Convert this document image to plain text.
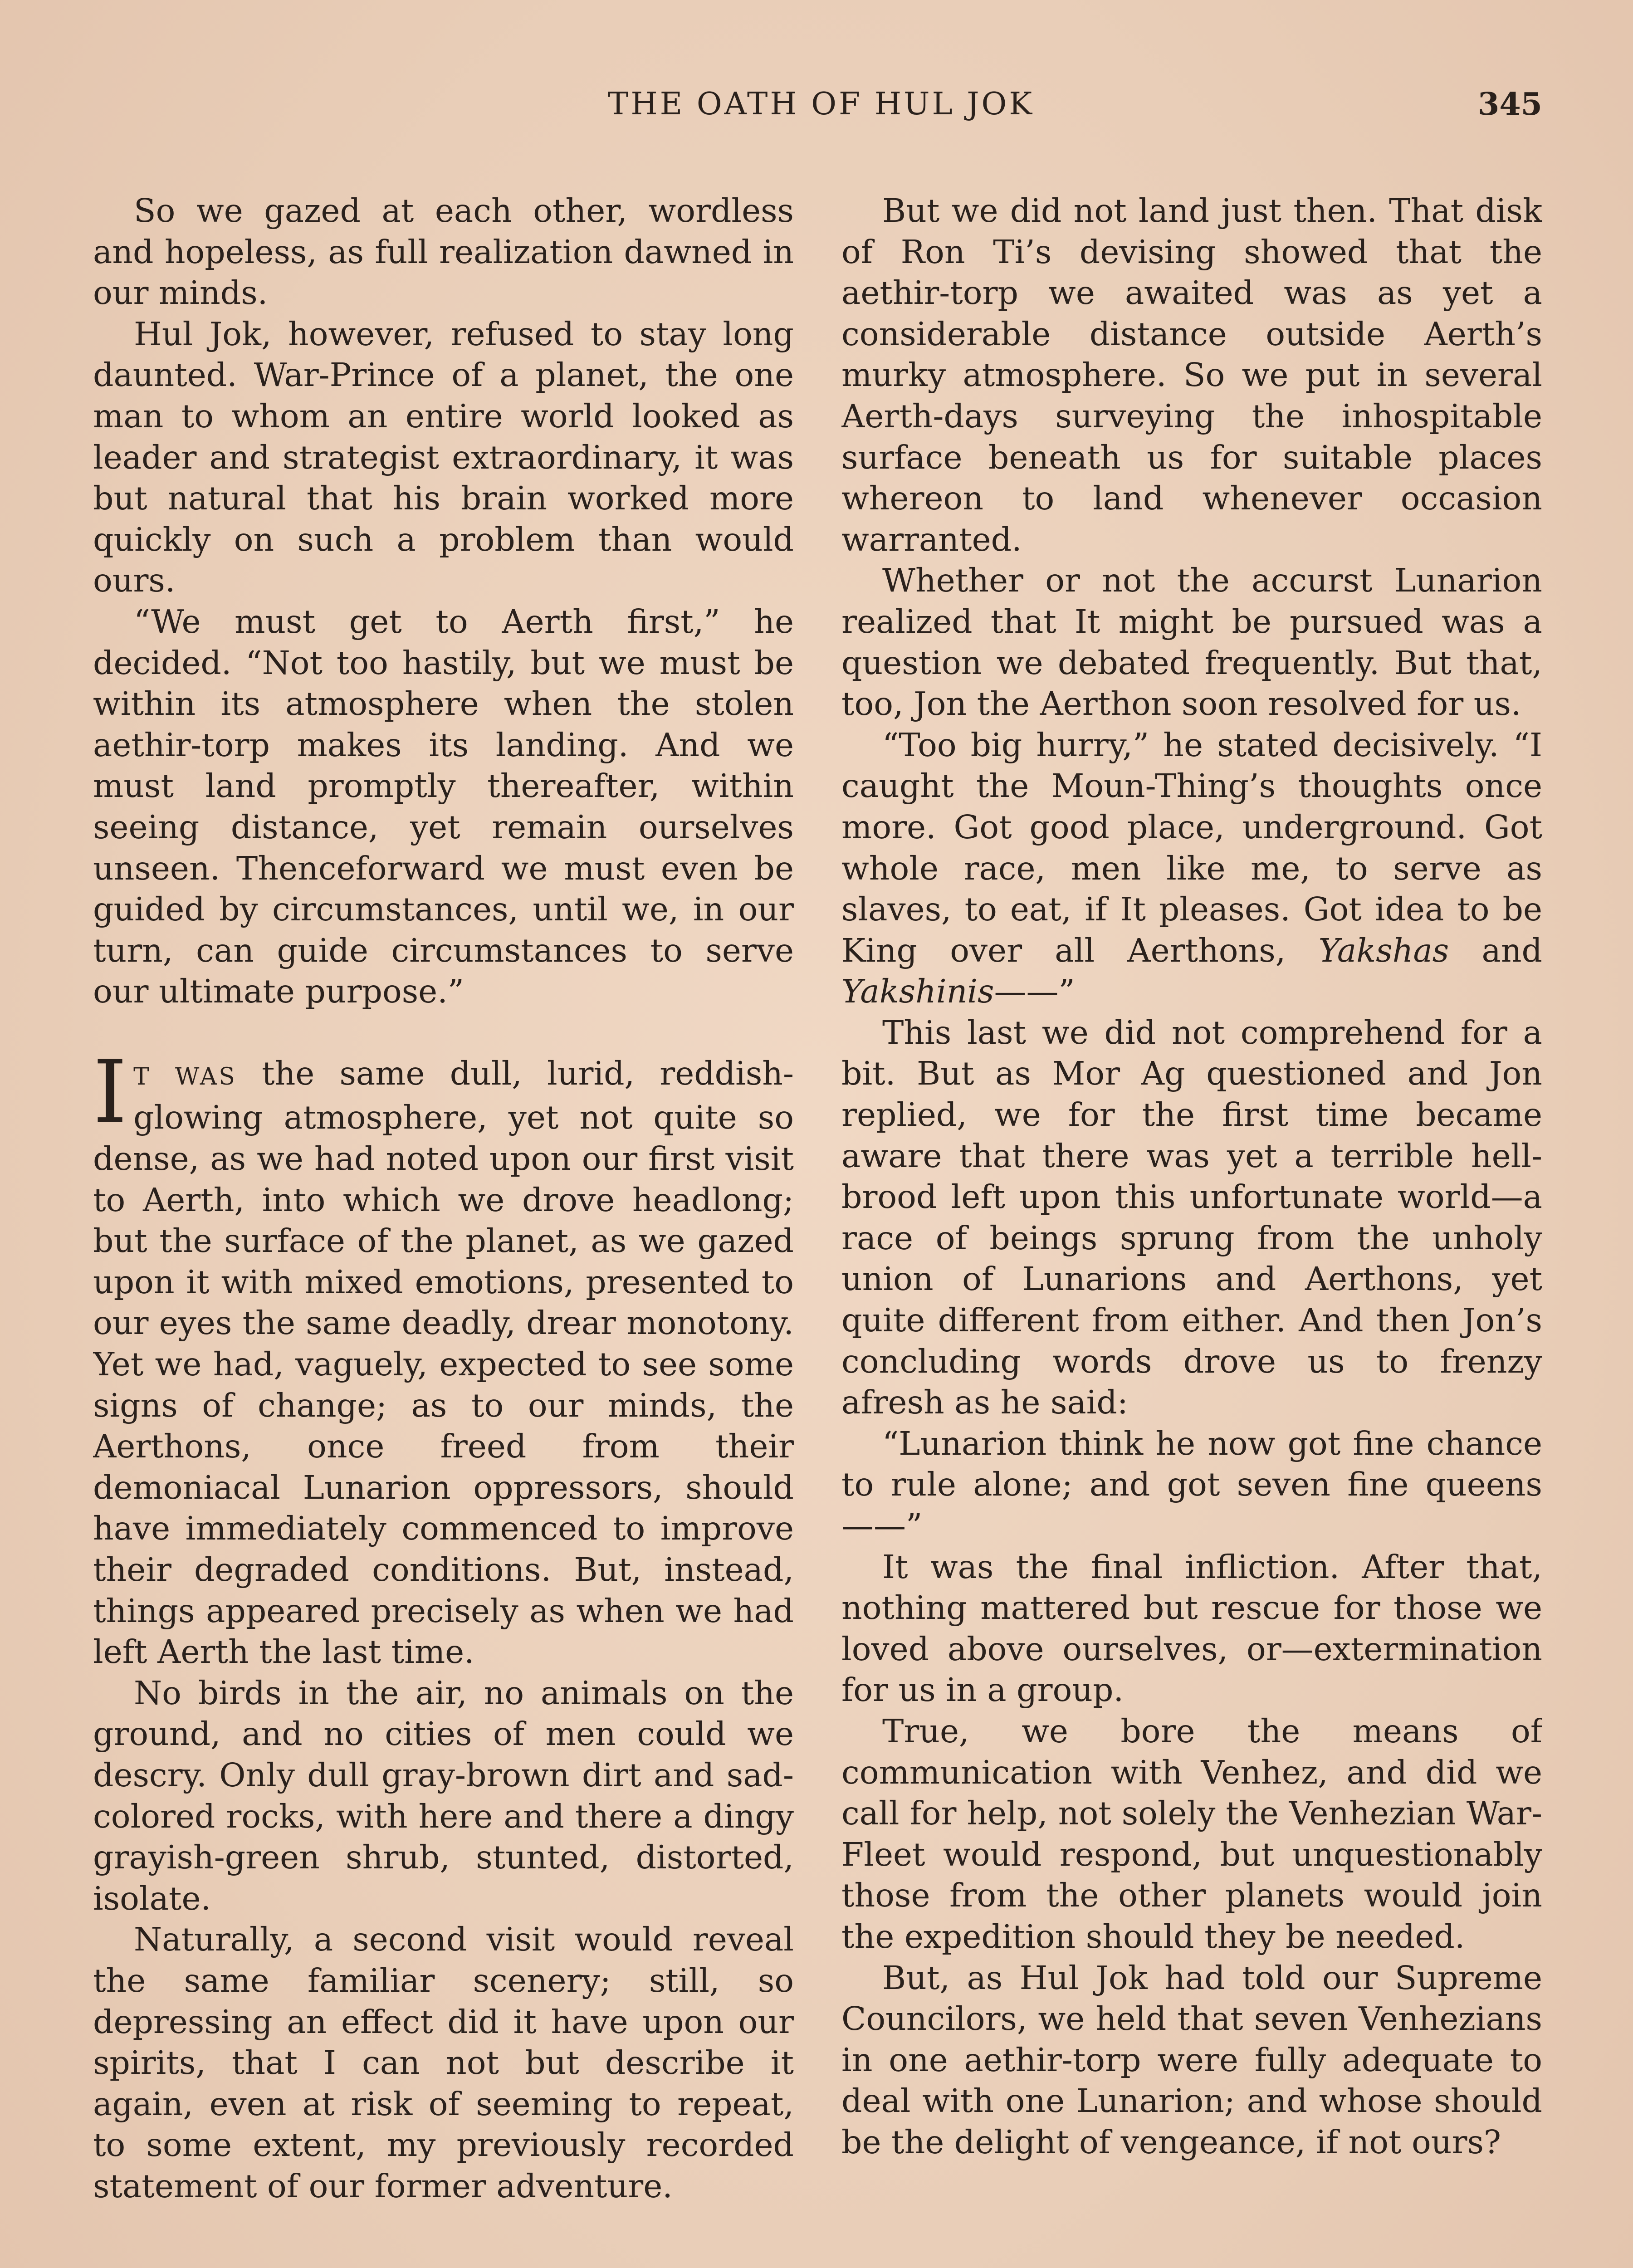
THE OATH OF HUL JOK	345

So we gazed at each other, wordless and hopeless, as full realization dawned in our minds.

Hul Jok, however, refused to stay long daunted. War-Prince of a planet, the one man to whom an entire world looked as leader and strategist extraordinary, it was but natural that his brain worked more quickly on such a problem than would ours.

“We must get to Aerth first,” he decided. “Not too hastily, but we must be within its atmosphere when the stolen aethir-torp makes its landing. And we must land promptly thereafter, within seeing distance, yet remain ourselves unseen. Thenceforward we must even be guided by circumstances, until we, in our turn, can guide circumstances to serve our ultimate purpose.”

I T WAS the same dull, lurid, reddish-glowing atmosphere, yet not quite so dense, as we had noted upon our first visit to Aerth, into which we drove headlong; but the surface of the planet, as we gazed upon it with mixed emotions, presented to our eyes the same deadly, drear monotony. Yet we had, vaguely, expected to see some signs of change; as to our minds, the Aerthons, once freed from their demoniacal Lunarion oppressors, should have immediately commenced to improve their degraded conditions. But, instead, things appeared precisely as when we had left Aerth the last time.

No birds in the air, no animals on the ground, and no cities of men could we descry. Only dull gray-brown dirt and sad-colored rocks, with here and there a dingy grayish-green shrub, stunted, distorted, isolate.

Naturally, a second visit would reveal the same familiar scenery; still, so depressing an effect did it have upon our spirits, that I can not but describe it again, even at risk of seeming to repeat, to some extent, my previously recorded statement of our former adventure.

But we did not land just then. That disk of Ron Ti’s devising showed that the aethir-torp we awaited was as yet a considerable distance outside Aerth’s murky atmosphere. So we put in several Aerth-days surveying the inhospitable surface beneath us for suitable places whereon to land whenever occasion warranted.

Whether or not the accurst Lunarion realized that It might be pursued was a question we debated frequently. But that, too, Jon the Aerthon soon resolved for us.

“Too big hurry,” he stated decisively. “I caught the Moun-Thing’s thoughts once more. Got good place, underground. Got whole race, men like me, to serve as slaves, to eat, if It pleases. Got idea to be King over all Aerthons, Yakshas and Yakshinis——”

This last we did not comprehend for a bit. But as Mor Ag questioned and Jon replied, we for the first time became aware that there was yet a terrible hell-brood left upon this unfortunate world—a race of beings sprung from the unholy union of Lunarions and Aerthons, yet quite different from either. And then Jon’s concluding words drove us to frenzy afresh as he said:

“Lunarion think he now got fine chance to rule alone; and got seven fine queens——”

It was the final infliction. After that, nothing mattered but rescue for those we loved above ourselves, or—extermination for us in a group.

True, we bore the means of communication with Venhez, and did we call for help, not solely the Venhezian War-Fleet would respond, but unquestionably those from the other planets would join the expedition should they be needed.

But, as Hul Jok had told our Supreme Councilors, we held that seven Venhezians in one aethir-torp were fully adequate to deal with one Lunarion; and whose should be the delight of vengeance, if not ours?
